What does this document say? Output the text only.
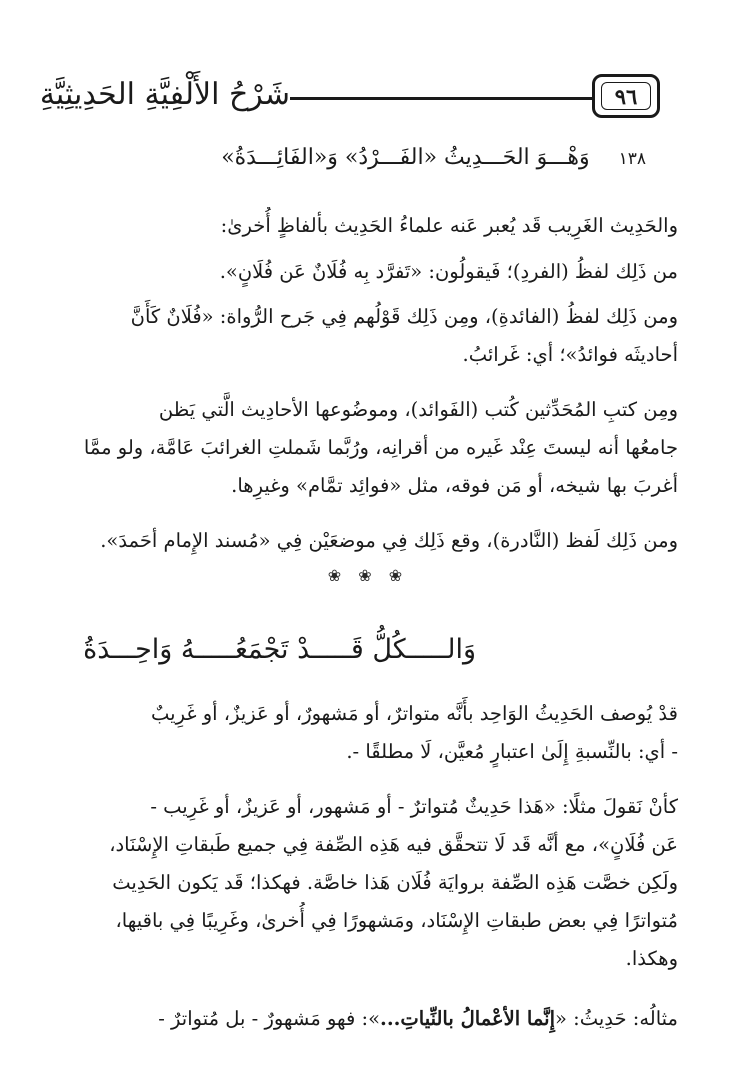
شَرْحُ الأَلْفِيَّةِ الحَدِيثِيَّةِ	٩٦
١٣٨ وَهْـــوَ الحَـــدِيثُ «الفَـــرْدُ» وَ«الفَائِـــدَةُ»
والحَدِيث الغَرِيب قَد يُعبر عَنه علماءُ الحَدِيث بألفاظٍ أُخرىٰ:
من ذَلِك لفظُ (الفردِ)؛ فَيقولُون: «تَفرَّد بِه فُلَانٌ عَن فُلَانٍ».
ومن ذَلِك لفظُ (الفائدةِ)، ومِن ذَلِك قَوْلُهم فِي جَرح الرُّواة: «فُلَانٌ كَأَنَّ
أحاديثَه فوائدُ»؛ أي: غَرائبُ.
ومِن كتبِ المُحَدِّثين كُتب (الفَوائد)، وموضُوعها الأحادِيث الَّتي يَظن
جامعُها أنه ليستَ عِنْد غَيره من أقرانِه، ورُبَّما شَملتِ الغرائبَ عَامَّة، ولو ممَّا
أغربَ بها شيخه، أو مَن فوقه، مثل «فوائِد تمَّام» وغيرِها.
ومن ذَلِك لَفظ (النَّادرة)، وقع ذَلِك فِي موضعَيْن فِي «مُسند الإِمام أحَمدَ».
❀ ❀ ❀
وَالـــــكُلُّ قَـــــدْ تَجْمَعُـــــهُ وَاحِـــدَةُ
قدْ يُوصف الحَدِيثُ الوَاحِد بأَنَّه متواترٌ، أو مَشهورٌ، أو عَزيزٌ، أو غَرِيبٌ
- أي: بالنِّسبةِ إِلَىٰ اعتبارٍ مُعيَّن، لَا مطلقًا -.
كأنْ نَقولَ مثلًا: «هَذا حَدِيثٌ مُتواترٌ - أو مَشهور، أو عَزيزٌ، أو غَرِيب -
عَن فُلَانٍ»، مع أنَّه قَد لَا تتحقَّق فيه هَذِه الصِّفة فِي جميع طَبقاتِ الإِسْنَاد،
ولَكِن خصَّت هَذِه الصِّفة بروايَة فُلَان هَذا خاصَّة. فهكذا؛ قَد يَكون الحَدِيث
مُتواترًا فِي بعض طبقاتِ الإِسْنَاد، ومَشهورًا فِي أُخرىٰ، وغَرِيبًا فِي باقيها،
وهكذا.
مثالُه: حَدِيثُ: «إِنَّما الأعْمالُ بالنِّياتِ...»: فهو مَشهورٌ - بل مُتواترٌ -
